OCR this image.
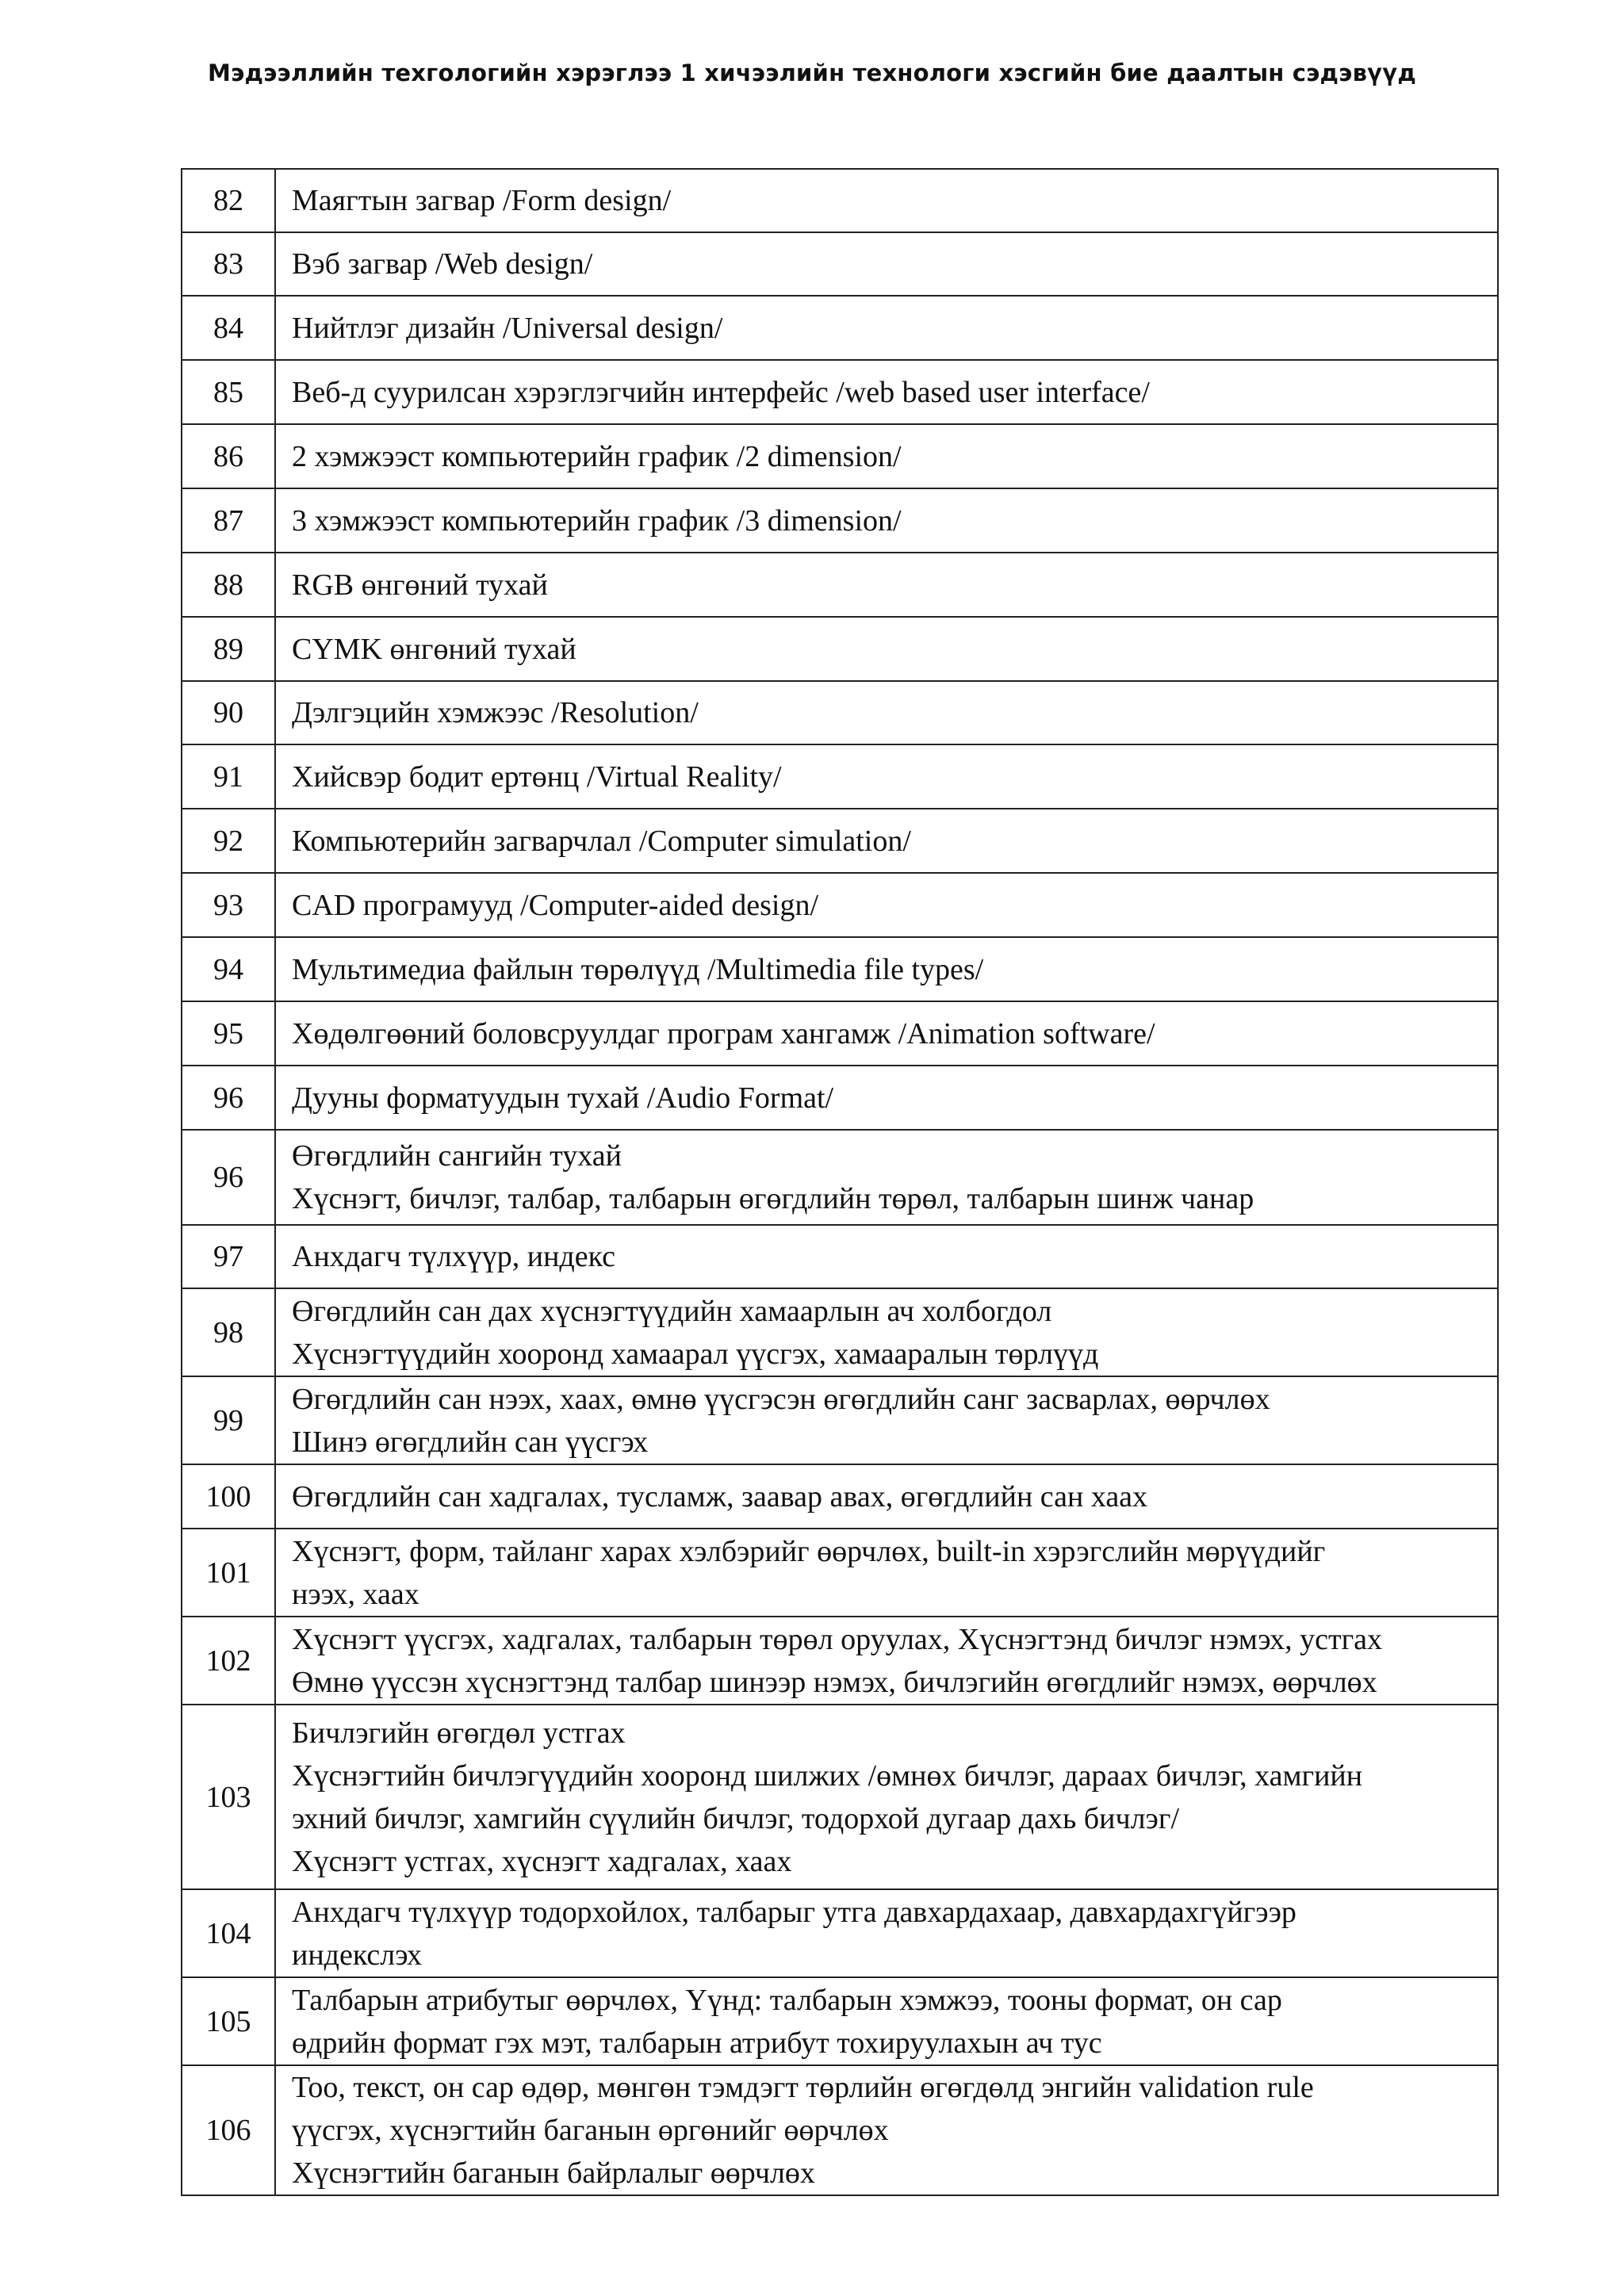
Мэдээллийн техгологийн хэрэглээ 1 хичээлийн технологи хэсгийн бие даалтын сэдэвүүд
82	Маягтын загвар /Form design/

83	Вэб загвар /Web design/

84	Нийтлэг дизайн /Universal design/

85	Веб-д суурилсан хэрэглэгчийн интерфейс /web based user interface/

86	2 хэмжээст компьютерийн график /2 dimension/

87	3 хэмжээст компьютерийн график /3 dimension/

88	RGB өнгөний тухай

89	CYMK өнгөний тухай

90	Дэлгэцийн хэмжээс /Resolution/

91	Хийсвэр бодит ертөнц /Virtual Reality/

92	Компьютерийн загварчлал /Computer simulation/

93	CAD програмууд /Computer-aided design/

94	Мультимедиа файлын төрөлүүд /Multimedia file types/

95	Хөдөлгөөний боловсруулдаг програм хангамж /Animation software/

96	Дууны форматуудын тухай /Audio Format/

96	Өгөгдлийн сангийн тухай
Хүснэгт, бичлэг, талбар, талбарын өгөгдлийн төрөл, талбарын шинж чанар

97	Анхдагч түлхүүр, индекс

98	Өгөгдлийн сан дах хүснэгтүүдийн хамаарлын ач холбогдол
Хүснэгтүүдийн хооронд хамаарал үүсгэх, хамааралын төрлүүд

99	Өгөгдлийн сан нээх, хаах, өмнө үүсгэсэн өгөгдлийн санг засварлах, өөрчлөх
Шинэ өгөгдлийн сан үүсгэх

100	Өгөгдлийн сан хадгалах, тусламж, заавар авах, өгөгдлийн сан хаах

101	Хүснэгт, форм, тайланг харах хэлбэрийг өөрчлөх, built-in хэрэгслийн мөрүүдийг
нээх, хаах

102	Хүснэгт үүсгэх, хадгалах, талбарын төрөл оруулах, Хүснэгтэнд бичлэг нэмэх, устгах
Өмнө үүссэн хүснэгтэнд талбар шинээр нэмэх, бичлэгийн өгөгдлийг нэмэх, өөрчлөх

103	Бичлэгийн өгөгдөл устгах
Хүснэгтийн бичлэгүүдийн хооронд шилжих /өмнөх бичлэг, дараах бичлэг, хамгийн
эхний бичлэг, хамгийн сүүлийн бичлэг, тодорхой дугаар дахь бичлэг/
Хүснэгт устгах, хүснэгт хадгалах, хаах

104	Анхдагч түлхүүр тодорхойлох, талбарыг утга давхардахаар, давхардахгүйгээр
индекслэх

105	Талбарын атрибутыг өөрчлөх, Үүнд: талбарын хэмжээ, тооны формат, он сар
өдрийн формат гэх мэт, талбарын атрибут тохируулахын ач тус

106	Тоо, текст, он сар өдөр, мөнгөн тэмдэгт төрлийн өгөгдөлд энгийн validation rule
үүсгэх, хүснэгтийн баганын өргөнийг өөрчлөх
Хүснэгтийн баганын байрлалыг өөрчлөх
